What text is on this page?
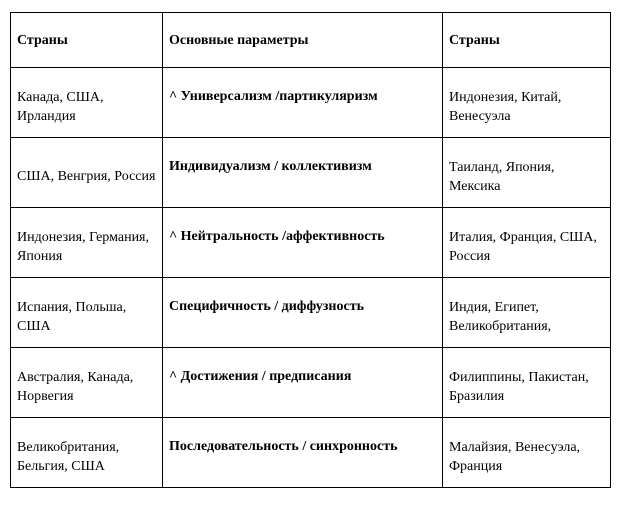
Страны	Основные параметры	Страны

Канада, США, Ирландия	^ Универсализм /партикуляризм	Индонезия, Китай, Венесуэла

США, Венгрия, Россия	Индивидуализм / коллективизм	Таиланд, Япония, Мексика

Индонезия, Германия, Япония	^ Нейтральность /аффективность	Италия, Франция, США, Россия

Испания, Польша, США	Специфичность / диффузность	Индия, Египет, Великобритания,

Австралия, Канада, Норвегия	^ Достижения / предписания	Филиппины, Пакистан, Бразилия

Великобритания, Бельгия, США	Последовательность / синхронность	Малайзия, Венесуэла, Франция
